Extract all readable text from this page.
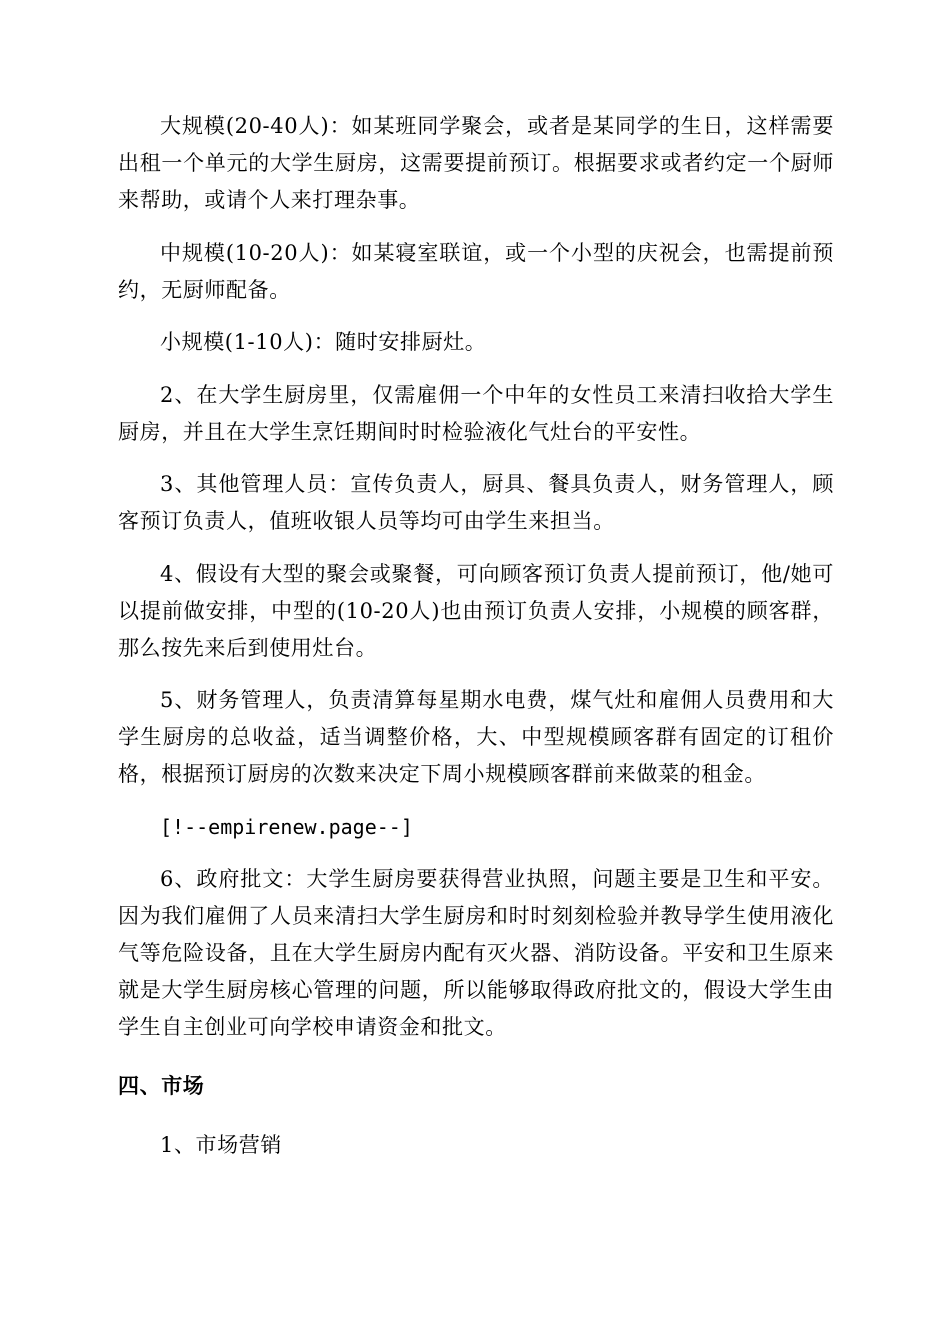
大规模(20-40人)：如某班同学聚会，或者是某同学的生日，这样需要出租一个单元的大学生厨房，这需要提前预订。根据要求或者约定一个厨师来帮助，或请个人来打理杂事。

中规模(10-20人)：如某寝室联谊，或一个小型的庆祝会，也需提前预约，无厨师配备。

小规模(1-10人)：随时安排厨灶。

2、在大学生厨房里，仅需雇佣一个中年的女性员工来清扫收拾大学生厨房，并且在大学生烹饪期间时时检验液化气灶台的平安性。

3、其他管理人员：宣传负责人，厨具、餐具负责人，财务管理人，顾客预订负责人，值班收银人员等均可由学生来担当。

4、假设有大型的聚会或聚餐，可向顾客预订负责人提前预订，他/她可以提前做安排，中型的(10-20人)也由预订负责人安排，小规模的顾客群，那么按先来后到使用灶台。

5、财务管理人，负责清算每星期水电费，煤气灶和雇佣人员费用和大学生厨房的总收益，适当调整价格，大、中型规模顾客群有固定的订租价格，根据预订厨房的次数来决定下周小规模顾客群前来做菜的租金。

[!--empirenew.page--]

6、政府批文：大学生厨房要获得营业执照，问题主要是卫生和平安。因为我们雇佣了人员来清扫大学生厨房和时时刻刻检验并教导学生使用液化气等危险设备，且在大学生厨房内配有灭火器、消防设备。平安和卫生原来就是大学生厨房核心管理的问题，所以能够取得政府批文的，假设大学生由学生自主创业可向学校申请资金和批文。

四、市场

1、市场营销
